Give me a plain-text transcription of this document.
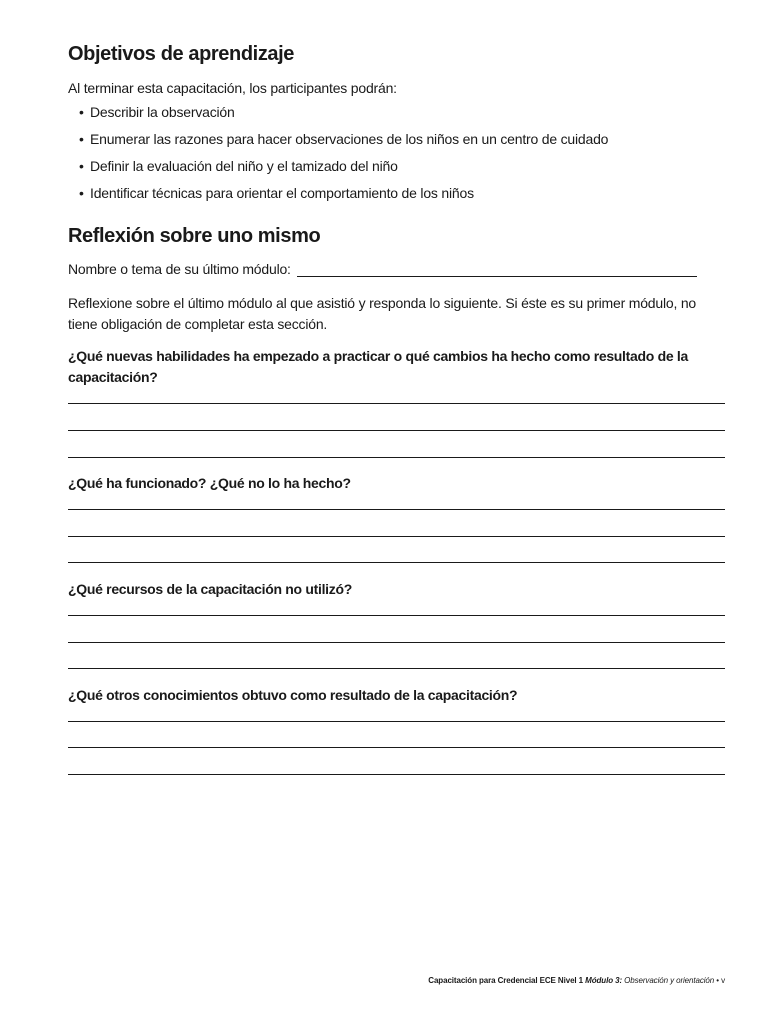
Objetivos de aprendizaje
Al terminar esta capacitación, los participantes podrán:
• Describir la observación
• Enumerar las razones para hacer observaciones de los niños en un centro de cuidado
• Definir la evaluación del niño y el tamizado del niño
• Identificar técnicas para orientar el comportamiento de los niños
Reflexión sobre uno mismo
Nombre o tema de su último módulo:
Reflexione sobre el último módulo al que asistió y responda lo siguiente. Si éste es su primer módulo, no tiene obligación de completar esta sección.
¿Qué nuevas habilidades ha empezado a practicar o qué cambios ha hecho como resultado de la capacitación?
¿Qué ha funcionado? ¿Qué no lo ha hecho?
¿Qué recursos de la capacitación no utilizó?
¿Qué otros conocimientos obtuvo como resultado de la capacitación?
Capacitación para Credencial ECE Nivel 1 Módulo 3: Observación y orientación • v
